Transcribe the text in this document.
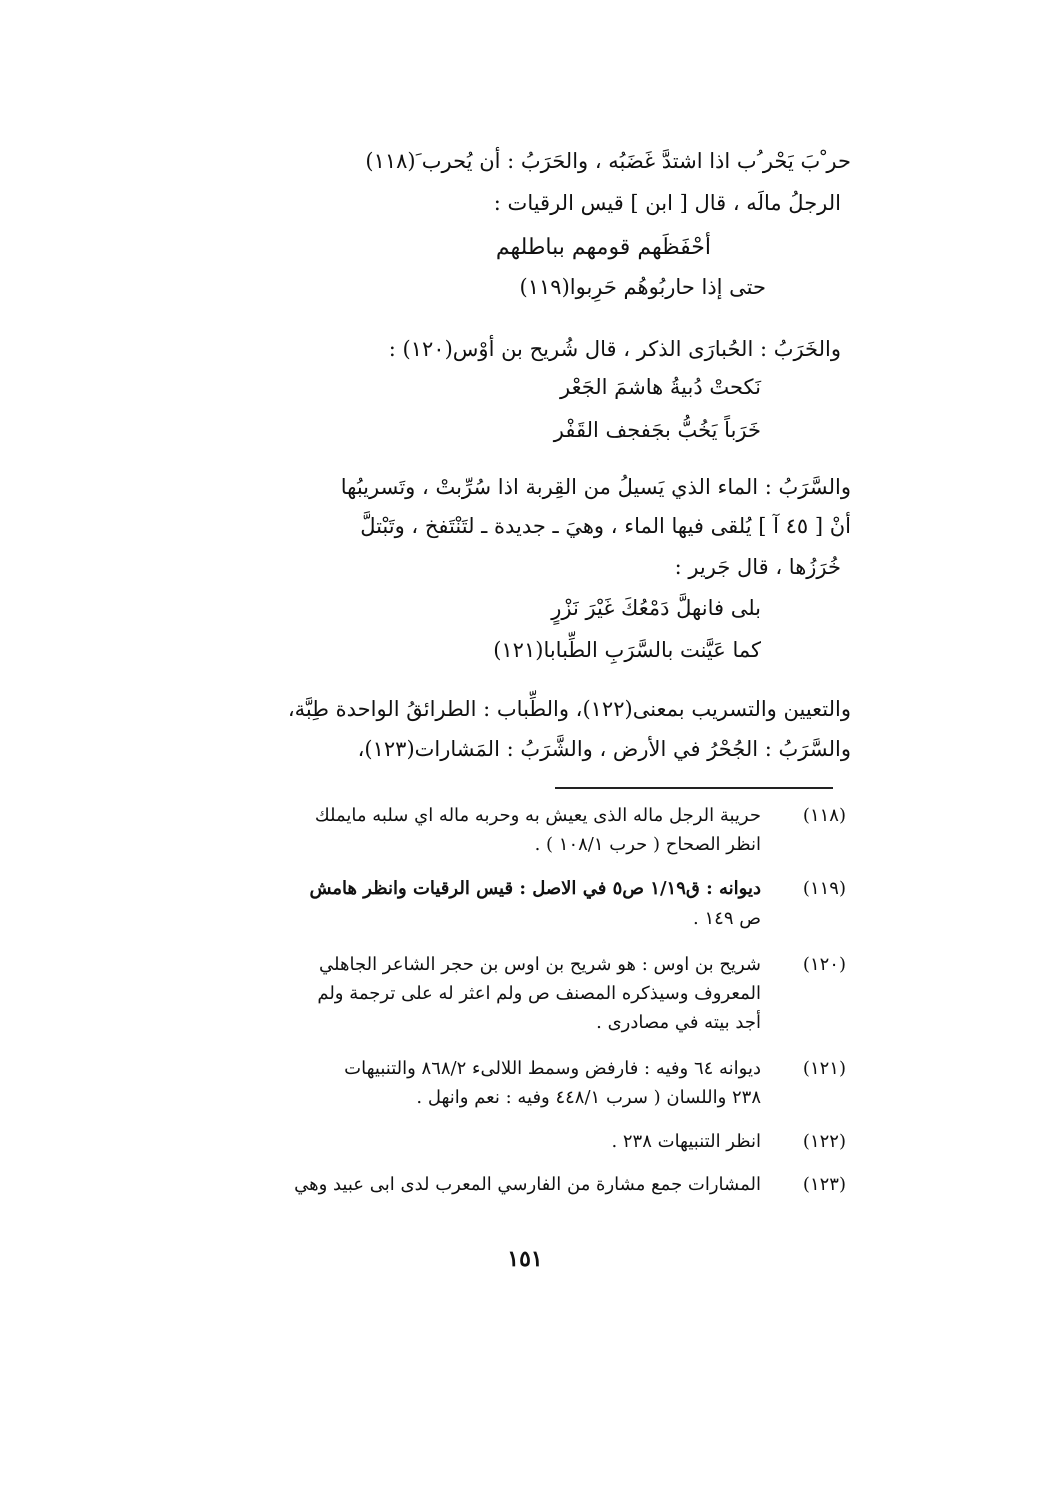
حر ْبَ يَحْر ُب اذا اشتدَّ غَضَبُه ، والحَرَبُ : أن يُحرب َ(١١٨)
الرجلُ مالَه ، قال [ ابن ] قيس الرقيات :
أحْفَظَهم قومهم بباطلهم
حتى إذا حاربُوهُم حَرِبوا(١١٩)
والخَرَبُ : الحُبارَى الذكر ، قال شُريح بن أوْس(١٢٠) :
نَكحتْ دُبيةُ هاشمَ الجَعْر
خَرَباً يَخُبُّ بجَفجف القَفْر
والسَّرَبُ : الماء الذي يَسيلُ من القِربة اذا سُرِّبتْ ، وتَسريبُها
أنْ [ ٤٥ آ ] يُلقى فيها الماء ، وهيَ ـ جديدة ـ لتَنْتَفخ ، وتَبْتلَّ
خُرَزُها ، قال جَرير :
بلى فانهلَّ دَمْعُكَ غَيْرَ نَزْرٍ
كما عَيَّنت بالسَّرَبِ الطِّبابا(١٢١)
والتعيين والتسريب بمعنى(١٢٢)، والطِّباب : الطرائقُ الواحدة طِبَّة،
والسَّرَبُ : الجُحْرُ في الأرض ، والشَّرَبُ : المَشارات(١٢٣)،
(١١٨)
حريبة الرجل ماله الذى يعيش به وحربه ماله اي سلبه مايملك
انظر الصحاح ( حرب ١٠٨/١ ) .
(١١٩)
ديوانه : ق١/١٩ ص٥ في الاصل : قيس الرقيات وانظر هامش
ص ١٤٩ .
(١٢٠)
شريح بن اوس : هو شريح بن اوس بن حجر الشاعر الجاهلي
المعروف وسيذكره المصنف ص ولم اعثر له على ترجمة ولم
أجد بيته في مصادرى .
(١٢١)
ديوانه ٦٤ وفيه : فارفض وسمط اللالىء ٨٦٨/٢ والتنبيهات
٢٣٨ واللسان ( سرب ٤٤٨/١ وفيه : نعم وانهل .
(١٢٢)
انظر التنبيهات ٢٣٨ .
(١٢٣)
المشارات جمع مشارة من الفارسي المعرب لدى ابى عبيد وهي
١٥١
